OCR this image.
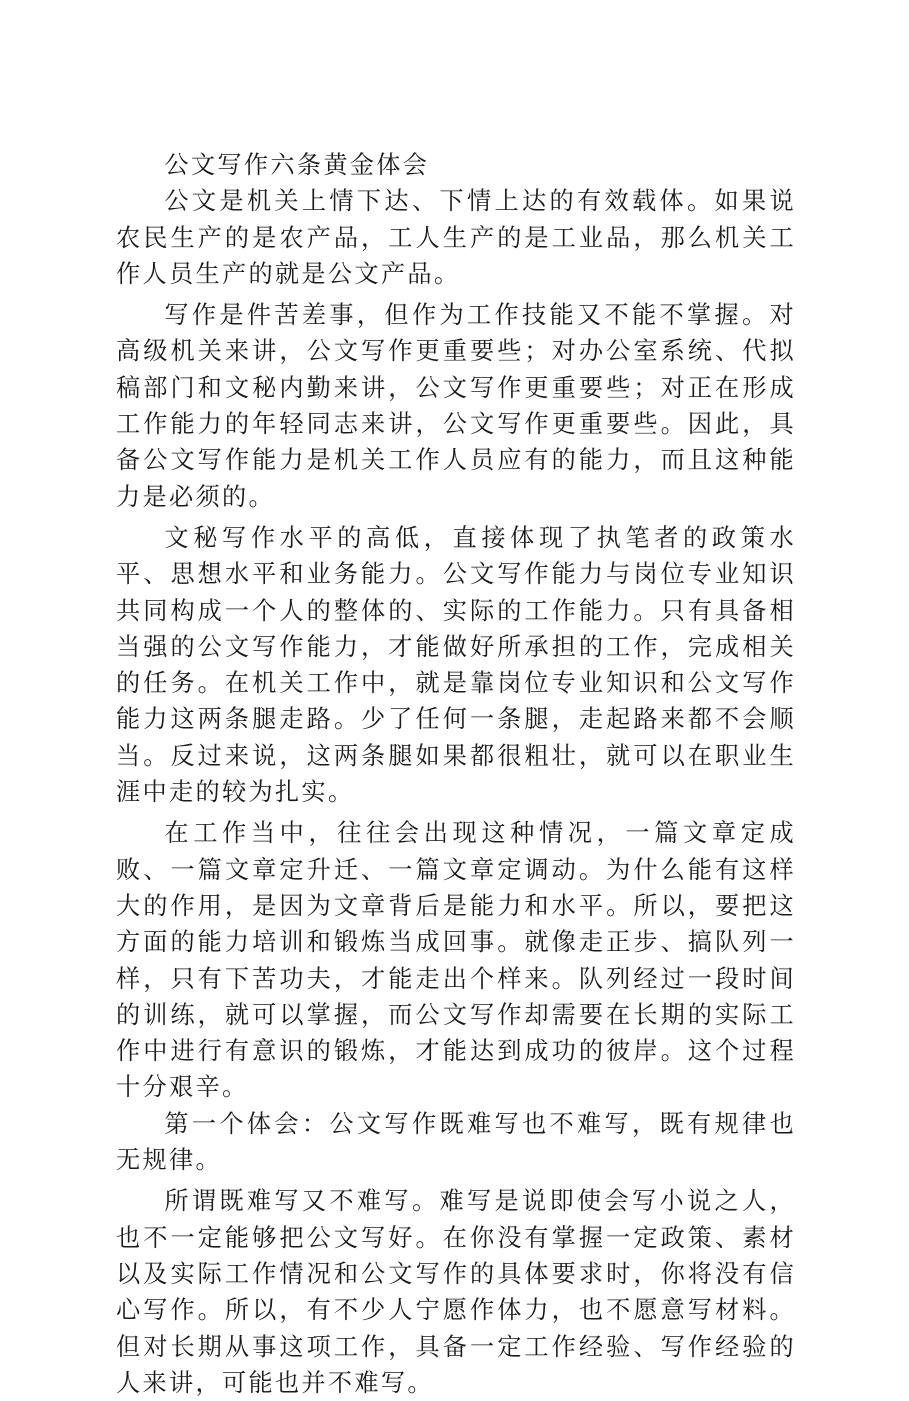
公文写作六条黄金体会

公文是机关上情下达、下情上达的有效载体。如果说农民生产的是农产品，工人生产的是工业品，那么机关工作人员生产的就是公文产品。

写作是件苦差事，但作为工作技能又不能不掌握。对高级机关来讲，公文写作更重要些；对办公室系统、代拟稿部门和文秘内勤来讲，公文写作更重要些；对正在形成工作能力的年轻同志来讲，公文写作更重要些。因此，具备公文写作能力是机关工作人员应有的能力，而且这种能力是必须的。

文秘写作水平的高低，直接体现了执笔者的政策水平、思想水平和业务能力。公文写作能力与岗位专业知识共同构成一个人的整体的、实际的工作能力。只有具备相当强的公文写作能力，才能做好所承担的工作，完成相关的任务。在机关工作中，就是靠岗位专业知识和公文写作能力这两条腿走路。少了任何一条腿，走起路来都不会顺当。反过来说，这两条腿如果都很粗壮，就可以在职业生涯中走的较为扎实。

在工作当中，往往会出现这种情况，一篇文章定成败、一篇文章定升迁、一篇文章定调动。为什么能有这样大的作用，是因为文章背后是能力和水平。所以，要把这方面的能力培训和锻炼当成回事。就像走正步、搞队列一样，只有下苦功夫，才能走出个样来。队列经过一段时间的训练，就可以掌握，而公文写作却需要在长期的实际工作中进行有意识的锻炼，才能达到成功的彼岸。这个过程十分艰辛。

第一个体会：公文写作既难写也不难写，既有规律也无规律。

所谓既难写又不难写。难写是说即使会写小说之人，也不一定能够把公文写好。在你没有掌握一定政策、素材以及实际工作情况和公文写作的具体要求时，你将没有信心写作。所以，有不少人宁愿作体力，也不愿意写材料。但对长期从事这项工作，具备一定工作经验、写作经验的人来讲，可能也并不难写。
